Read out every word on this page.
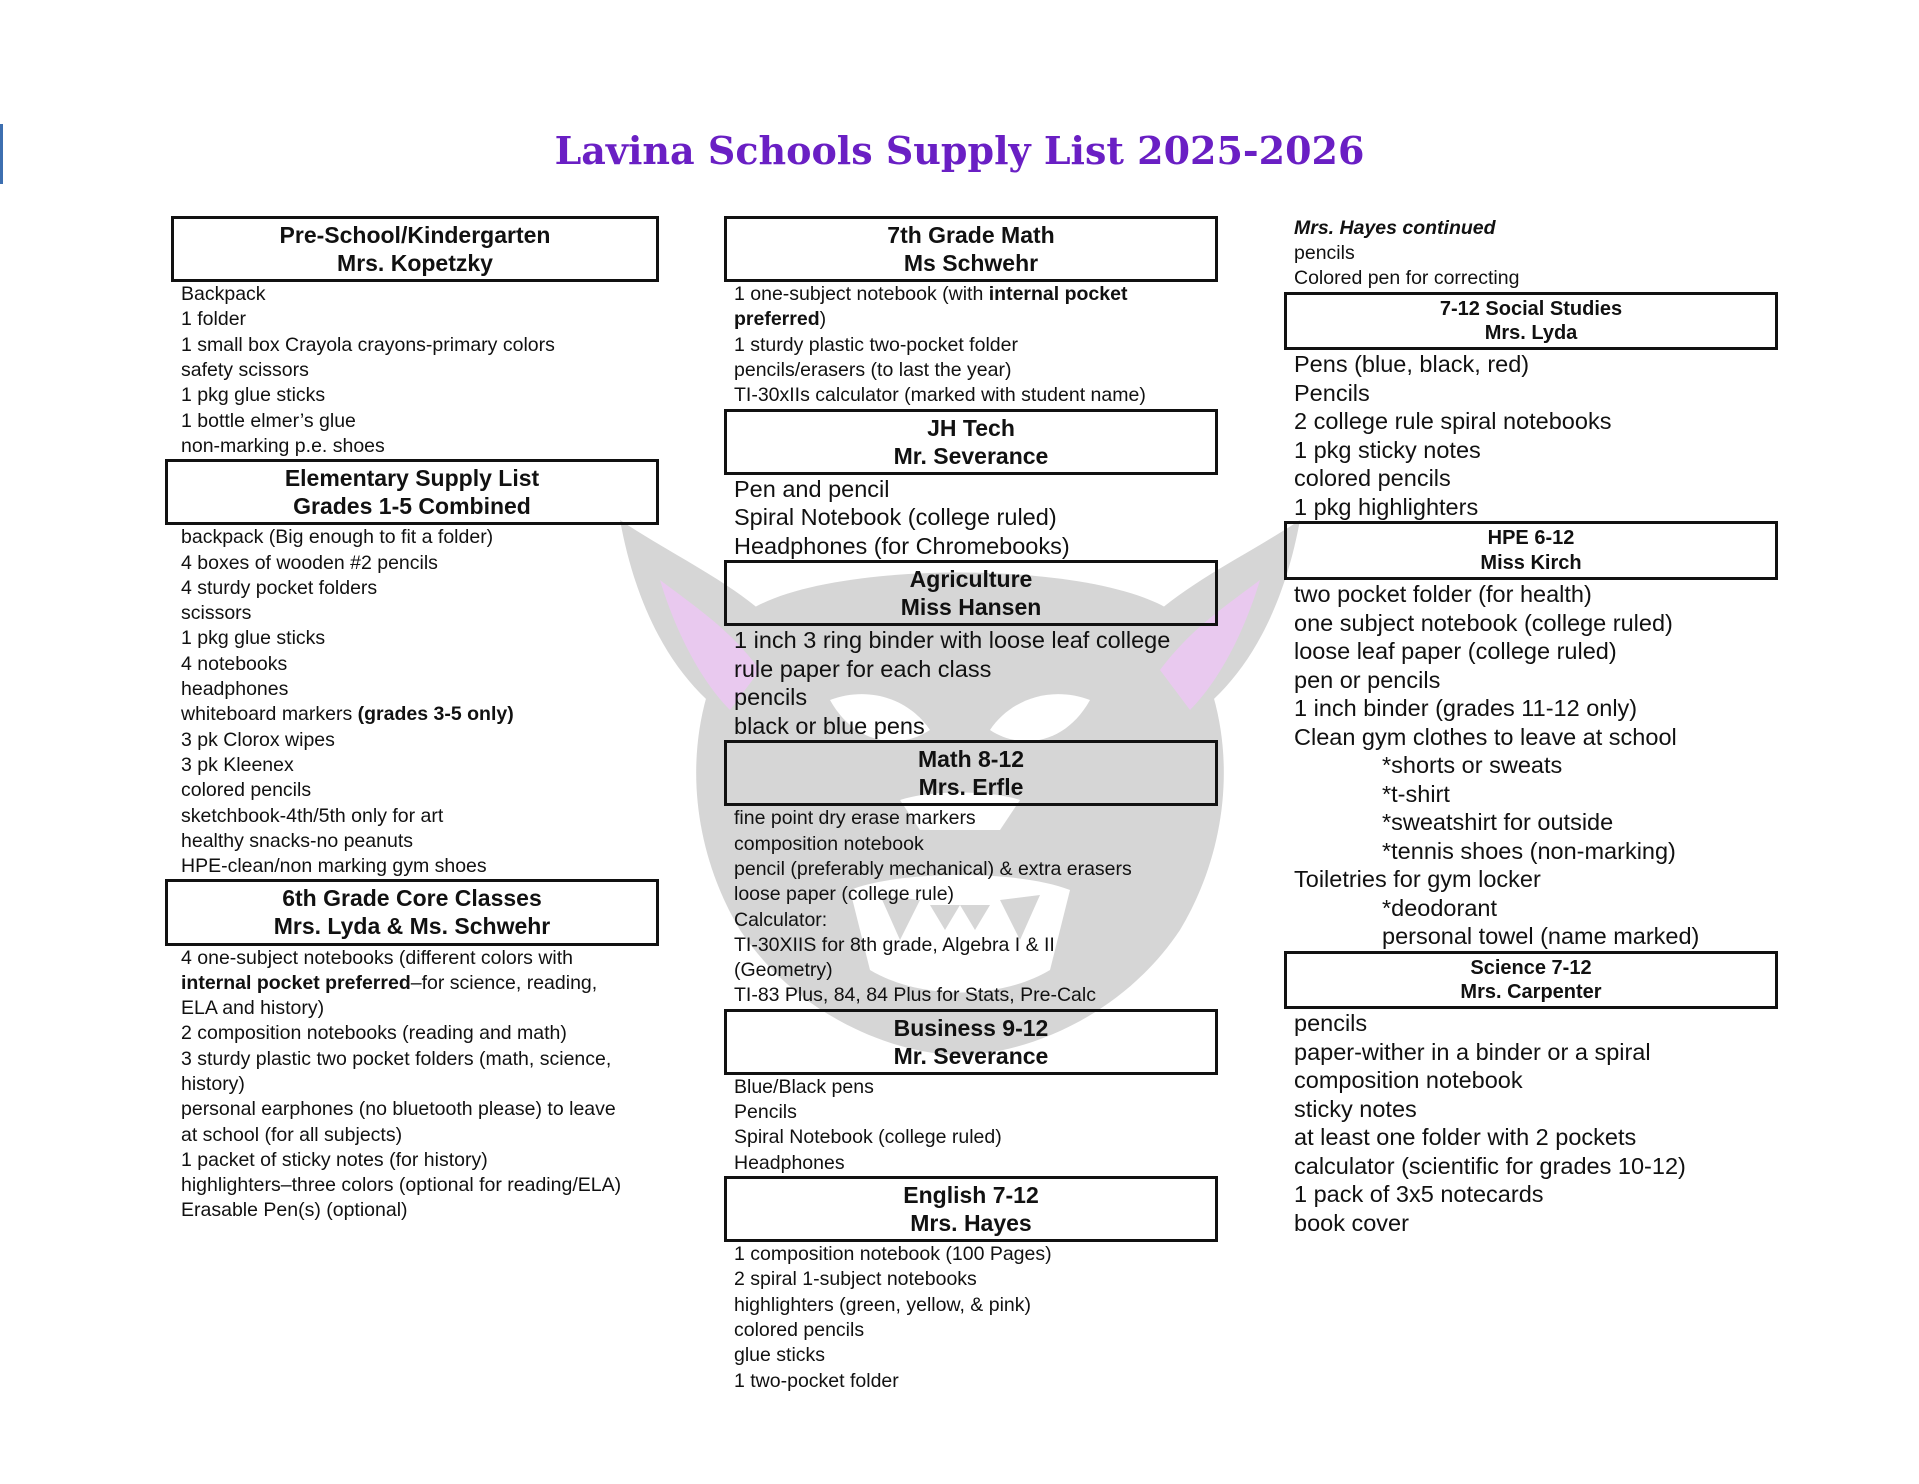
Lavina Schools Supply List 2025-2026
Pre-School/Kindergarten
Mrs. Kopetzky
Backpack
1 folder
1 small box Crayola crayons-primary colors
safety scissors
1 pkg glue sticks
1 bottle elmer’s glue
non-marking p.e. shoes
Elementary Supply List
Grades 1-5 Combined
backpack (Big enough to fit a folder)
4 boxes of wooden #2 pencils
4 sturdy pocket folders
scissors
1 pkg glue sticks
4 notebooks
headphones
whiteboard markers (grades 3-5 only)
3 pk Clorox wipes
3 pk Kleenex
colored pencils
sketchbook-4th/5th only for art
healthy snacks-no peanuts
HPE-clean/non marking gym shoes
6th Grade Core Classes
Mrs. Lyda & Ms. Schwehr
4 one-subject notebooks (different colors with internal pocket preferred–for science, reading, ELA and history)
2 composition notebooks (reading and math)
3 sturdy plastic two pocket folders (math, science, history)
personal earphones (no bluetooth please) to leave at school (for all subjects)
1 packet of sticky notes (for history)
highlighters–three colors (optional for reading/ELA)
Erasable Pen(s) (optional)
7th Grade Math
Ms Schwehr
1 one-subject notebook (with internal pocket preferred)
1 sturdy plastic two-pocket folder
pencils/erasers (to last the year)
TI-30xIIs calculator (marked with student name)
JH Tech
Mr. Severance
Pen and pencil
Spiral Notebook (college ruled)
Headphones (for Chromebooks)
Agriculture
Miss Hansen
1 inch 3 ring binder with loose leaf college
rule paper for each class
pencils
black or blue pens
Math 8-12
Mrs. Erfle
fine point dry erase markers
composition notebook
pencil (preferably mechanical) & extra erasers
loose paper (college rule)
Calculator:
TI-30XIIS for 8th grade, Algebra I & II
(Geometry)
TI-83 Plus, 84, 84 Plus for Stats, Pre-Calc
Business 9-12
Mr. Severance
Blue/Black pens
Pencils
Spiral Notebook (college ruled)
Headphones
English 7-12
Mrs. Hayes
1 composition notebook (100 Pages)
2 spiral 1-subject notebooks
highlighters (green, yellow, & pink)
colored pencils
glue sticks
1 two-pocket folder
Mrs. Hayes continued
pencils
Colored pen for correcting
7-12 Social Studies
Mrs. Lyda
Pens (blue, black, red)
Pencils
2 college rule spiral notebooks
1 pkg sticky notes
colored pencils
1 pkg highlighters
HPE 6-12
Miss Kirch
two pocket folder (for health)
one subject notebook (college ruled)
loose leaf paper (college ruled)
pen or pencils
1 inch binder (grades 11-12 only)
Clean gym clothes to leave at school
*shorts or sweats
*t-shirt
*sweatshirt for outside
*tennis shoes (non-marking)
Toiletries for gym locker
*deodorant
personal towel (name marked)
Science 7-12
Mrs. Carpenter
pencils
paper-wither in a binder or a spiral
composition notebook
sticky notes
at least one folder with 2 pockets
calculator (scientific for grades 10-12)
1 pack of 3x5 notecards
book cover
